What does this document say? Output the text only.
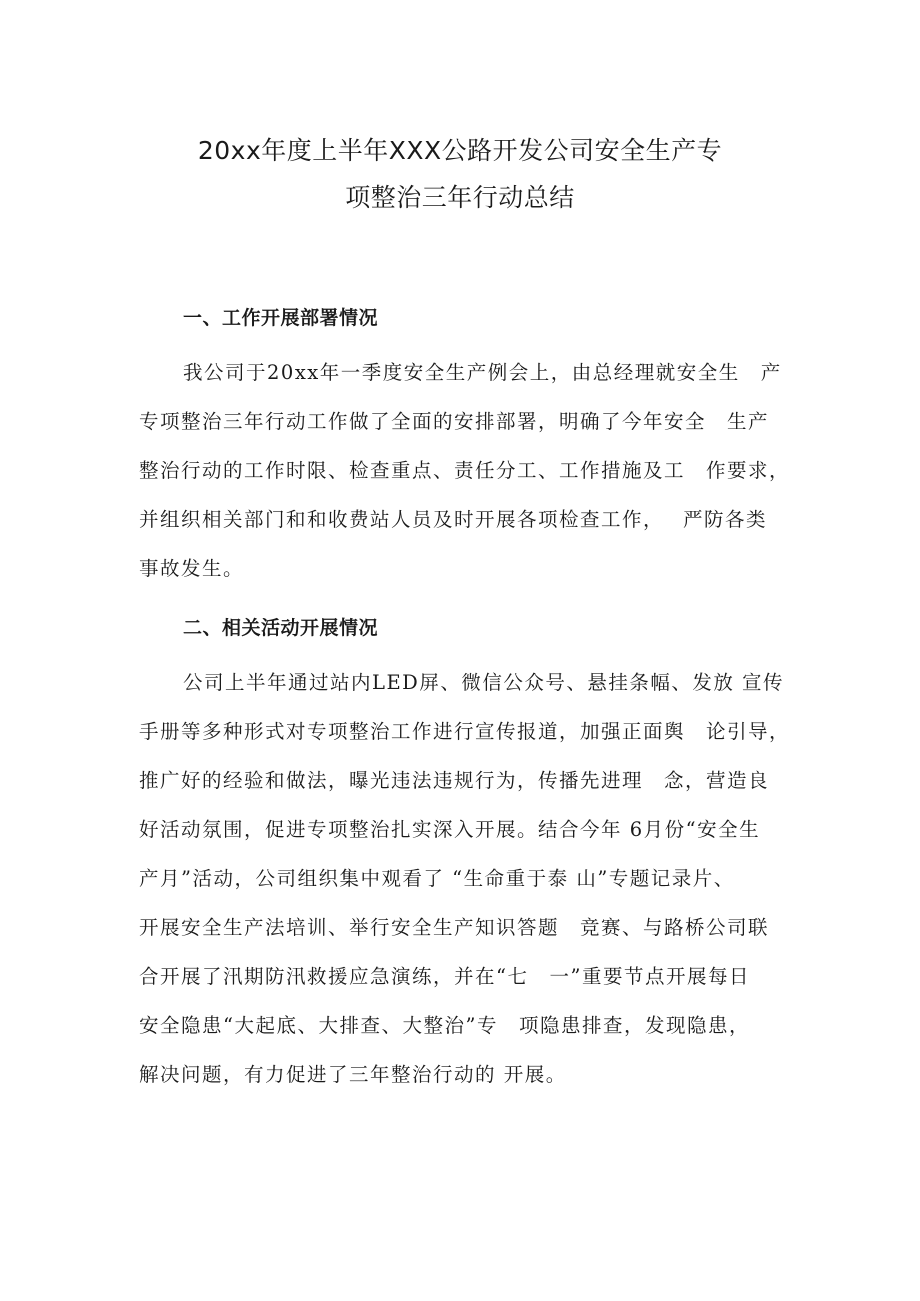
20xx年度上半年XXX公路开发公司安全生产专
项整治三年行动总结
一、工作开展部署情况
我公司于20xx年一季度安全生产例会上，由总经理就安全生　产
专项整治三年行动工作做了全面的安排部署，明确了今年安全　生产
整治行动的工作时限、检查重点、责任分工、工作措施及工　作要求，
并组织相关部门和和收费站人员及时开展各项检查工作，　 严防各类
事故发生。
二、相关活动开展情况
公司上半年通过站内LED屏、微信公众号、悬挂条幅、发放 宣传
手册等多种形式对专项整治工作进行宣传报道，加强正面舆　论引导，
推广好的经验和做法，曝光违法违规行为，传播先进理　念，营造良
好活动氛围，促进专项整治扎实深入开展。结合今年 6月份“安全生
产月”活动，公司组织集中观看了 “生命重于泰 山”专题记录片、
开展安全生产法培训、举行安全生产知识答题　竞赛、与路桥公司联
合开展了汛期防汛救援应急演练，并在“七　一”重要节点开展每日
安全隐患“大起底、大排查、大整治”专　项隐患排查，发现隐患，
解决问题，有力促进了三年整治行动的 开展。
